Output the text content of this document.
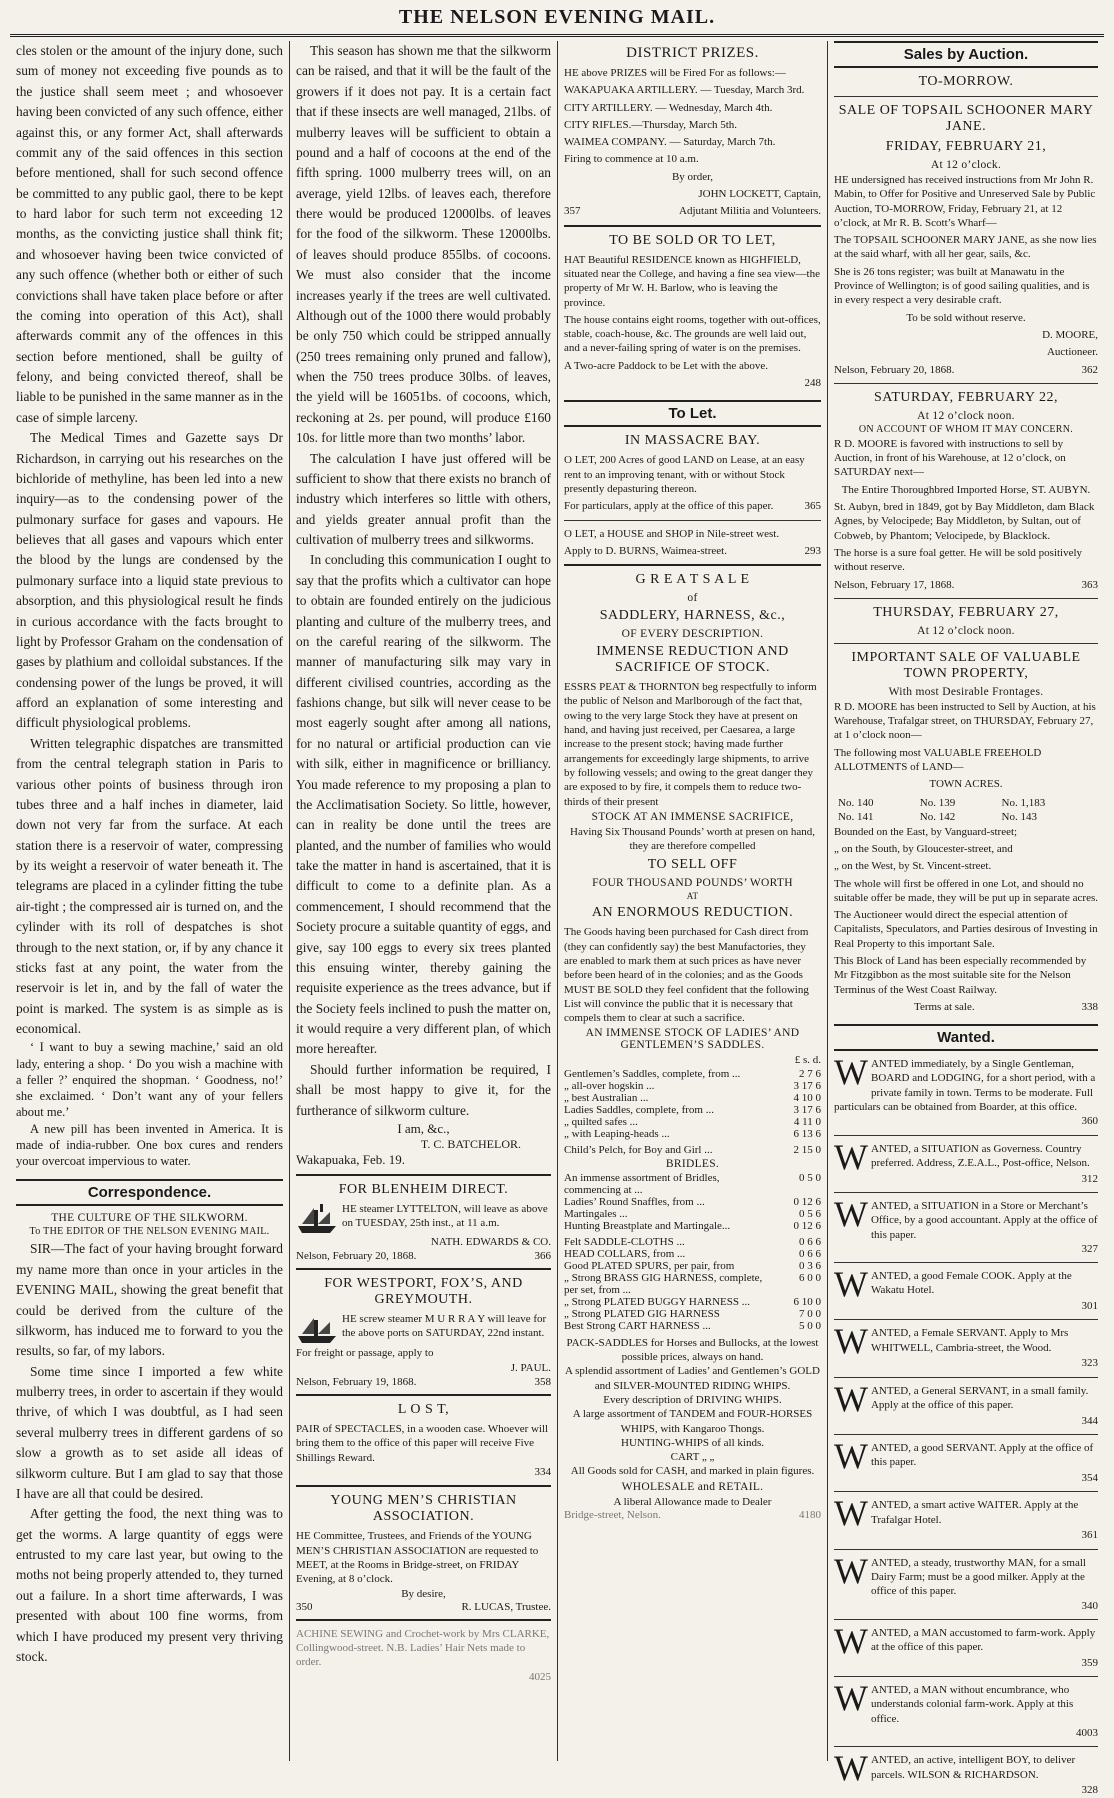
THE NELSON EVENING MAIL.

cles stolen or the amount of the injury done, such sum of money not exceeding five pounds as to the justice shall seem meet ; and whosoever having been convicted of any such offence, either against this, or any former Act, shall afterwards commit any of the said offences in this section before mentioned, shall for such second offence be committed to any public gaol, there to be kept to hard labor for such term not exceeding 12 months, as the convicting justice shall think fit; and whosoever having been twice convicted of any such offence (whether both or either of such convictions shall have taken place before or after the coming into operation of this Act), shall afterwards commit any of the offences in this section before mentioned, shall be guilty of felony, and being convicted thereof, shall be liable to be punished in the same manner as in the case of simple larceny.

The Medical Times and Gazette says Dr Richardson, in carrying out his researches on the bichloride of methyline, has been led into a new inquiry—as to the condensing power of the pulmonary surface for gases and vapours. He believes that all gases and vapours which enter the blood by the lungs are condensed by the pulmonary surface into a liquid state previous to absorption, and this physiological result he finds in curious accordance with the facts brought to light by Professor Graham on the condensation of gases by plathium and colloidal substances. If the condensing power of the lungs be proved, it will afford an explanation of some interesting and difficult physiological problems.

Written telegraphic dispatches are transmitted from the central telegraph station in Paris to various other points of business through iron tubes three and a half inches in diameter, laid down not very far from the surface. At each station there is a reservoir of water, compressing by its weight a reservoir of water beneath it. The telegrams are placed in a cylinder fitting the tube air-tight ; the compressed air is turned on, and the cylinder with its roll of despatches is shot through to the next station, or, if by any chance it sticks fast at any point, the water from the reservoir is let in, and by the fall of water the point is marked. The system is as simple as is economical.

‘ I want to buy a sewing machine,’ said an old lady, entering a shop. ‘ Do you wish a machine with a feller ?’ enquired the shopman. ‘ Goodness, no!’ she exclaimed. ‘ Don’t want any of your fellers about me.’

A new pill has been invented in America. It is made of india-rubber. One box cures and renders your overcoat impervious to water.

Correspondence.
THE CULTURE OF THE SILKWORM.
To THE EDITOR OF THE NELSON EVENING MAIL.

SIR—The fact of your having brought forward my name more than once in your articles in the EVENING MAIL, showing the great benefit that could be derived from the culture of the silkworm, has induced me to forward to you the results, so far, of my labors.

Some time since I imported a few white mulberry trees, in order to ascertain if they would thrive, of which I was doubtful, as I had seen several mulberry trees in different gardens of so slow a growth as to set aside all ideas of silkworm culture. But I am glad to say that those I have are all that could be desired.

After getting the food, the next thing was to get the worms. A large quantity of eggs were entrusted to my care last year, but owing to the moths not being properly attended to, they turned out a failure. In a short time afterwards, I was presented with about 100 fine worms, from which I have produced my present very thriving stock.

This season has shown me that the silkworm can be raised, and that it will be the fault of the growers if it does not pay. It is a certain fact that if these insects are well managed, 21lbs. of mulberry leaves will be sufficient to obtain a pound and a half of cocoons at the end of the fifth spring. 1000 mulberry trees will, on an average, yield 12lbs. of leaves each, therefore there would be produced 12000lbs. of leaves for the food of the silkworm. These 12000lbs. of leaves should produce 855lbs. of cocoons. We must also consider that the income increases yearly if the trees are well cultivated. Although out of the 1000 there would probably be only 750 which could be stripped annually (250 trees remaining only pruned and fallow), when the 750 trees produce 30lbs. of leaves, the yield will be 16051bs. of cocoons, which, reckoning at 2s. per pound, will produce £160 10s. for little more than two months’ labor.

The calculation I have just offered will be sufficient to show that there exists no branch of industry which interferes so little with others, and yields greater annual profit than the cultivation of mulberry trees and silkworms.

In concluding this communication I ought to say that the profits which a cultivator can hope to obtain are founded entirely on the judicious planting and culture of the mulberry trees, and on the careful rearing of the silkworm. The manner of manufacturing silk may vary in different civilised countries, according as the fashions change, but silk will never cease to be most eagerly sought after among all nations, for no natural or artificial production can vie with silk, either in magnificence or brilliancy. You made reference to my proposing a plan to the Acclimatisation Society. So little, however, can in reality be done until the trees are planted, and the number of families who would take the matter in hand is ascertained, that it is difficult to come to a definite plan. As a commencement, I should recommend that the Society procure a suitable quantity of eggs, and give, say 100 eggs to every six trees planted this ensuing winter, thereby gaining the requisite experience as the trees advance, but if the Society feels inclined to push the matter on, it would require a very different plan, of which more hereafter.

Should further information be required, I shall be most happy to give it, for the furtherance of silkworm culture.

I am, &c.,
T. C. BATCHELOR.
Wakapuaka, Feb. 19.
FOR BLENHEIM DIRECT.
HE steamer LYTTELTON, will leave as above on TUESDAY, 25th inst., at 11 a.m.
NATH. EDWARDS & CO.
Nelson, February 20, 1868.	366
FOR WESTPORT, FOX’S, AND GREYMOUTH.
HE screw steamer M U R R A Y will leave for the above ports on SATURDAY, 22nd instant.
For freight or passage, apply to
J. PAUL.
Nelson, February 19, 1868.	358
L O S T,
PAIR of SPECTACLES, in a wooden case. Whoever will bring them to the office of this paper will receive Five Shillings Reward.
334
YOUNG MEN’S CHRISTIAN ASSOCIATION.
HE Committee, Trustees, and Friends of the YOUNG MEN’S CHRISTIAN ASSOCIATION are requested to MEET, at the Rooms in Bridge-street, on FRIDAY Evening, at 8 o’clock.
By desire,
350	R. LUCAS, Trustee.
ACHINE SEWING and Crochet-work by Mrs CLARKE, Collingwood-street. N.B. Ladies’ Hair Nets made to order.
4025
DISTRICT PRIZES.

HE above PRIZES will be Fired For as follows:—

WAKAPUAKA ARTILLERY. — Tuesday, March 3rd.

CITY ARTILLERY. — Wednesday, March 4th.

CITY RIFLES.—Thursday, March 5th.

WAIMEA COMPANY. — Saturday, March 7th.

Firing to commence at 10 a.m.

By order,

JOHN LOCKETT, Captain,

357	Adjutant Militia and Volunteers.
TO BE SOLD OR TO LET,

HAT Beautiful RESIDENCE known as HIGHFIELD, situated near the College, and having a fine sea view—the property of Mr W. H. Barlow, who is leaving the province.

The house contains eight rooms, together with out-offices, stable, coach-house, &c. The grounds are well laid out, and a never-failing spring of water is on the premises.

A Two-acre Paddock to be Let with the above.

248

To Let.
IN MASSACRE BAY.

O LET, 200 Acres of good LAND on Lease, at an easy rent to an improving tenant, with or without Stock presently depasturing thereon.

For particulars, apply at the office of this paper.	365

O LET, a HOUSE and SHOP in Nile-street west.

Apply to D. BURNS, Waimea-street.	293
G R E A T S A L E
of
SADDLERY, HARNESS, &c.,
OF EVERY DESCRIPTION.
IMMENSE REDUCTION AND SACRIFICE OF STOCK.
ESSRS PEAT & THORNTON beg respectfully to inform the public of Nelson and Marlborough of the fact that, owing to the very large Stock they have at present on hand, and having just received, per Caesarea, a large increase to the present stock; having made further arrangements for exceedingly large shipments, to arrive by following vessels; and owing to the great danger they are exposed to by fire, it compels them to reduce two-thirds of their present
STOCK AT AN IMMENSE SACRIFICE,
Having Six Thousand Pounds’ worth at presen on hand, they are therefore compelled
TO SELL OFF
FOUR THOUSAND POUNDS’ WORTH
AT
AN ENORMOUS REDUCTION.
The Goods having been purchased for Cash direct from (they can confidently say) the best Manufactories, they are enabled to mark them at such prices as have never before been heard of in the colonies; and as the Goods MUST BE SOLD they feel confident that the following List will convince the public that it is necessary that compels them to clear at such a sacrifice.
AN IMMENSE STOCK OF LADIES’ AND GENTLEMEN’S SADDLES.
£ s. d.
Gentlemen’s Saddles, complete, from ...	2 7 6
„ all-over hogskin ...	3 17 6
„ best Australian ...	4 10 0
Ladies Saddles, complete, from ...	3 17 6
„ quilted safes ...	4 11 0
„ with Leaping-heads ...	6 13 6
Child’s Pelch, for Boy and Girl ...	2 15 0
BRIDLES.
An immense assortment of Bridles, commencing at ...	0 5 0
Ladies’ Round Snaffles, from ...	0 12 6
Martingales ...	0 5 6
Hunting Breastplate and Martingale...	0 12 6
Felt SADDLE-CLOTHS ...	0 6 6
HEAD COLLARS, from ...	0 6 6
Good PLATED SPURS, per pair, from	0 3 6
„ Strong BRASS GIG HARNESS, complete, per set, from ...	6 0 0
„ Strong PLATED BUGGY HARNESS ...	6 10 0
„ Strong PLATED GIG HARNESS	7 0 0
Best Strong CART HARNESS ...	5 0 0
PACK-SADDLES for Horses and Bullocks, at the lowest possible prices, always on hand.
A splendid assortment of Ladies’ and Gentlemen’s GOLD and SILVER-MOUNTED RIDING WHIPS.
Every description of DRIVING WHIPS.
A large assortment of TANDEM and FOUR-HORSES WHIPS, with Kangaroo Thongs.
HUNTING-WHIPS of all kinds.
CART „ „
All Goods sold for CASH, and marked in plain figures.
WHOLESALE and RETAIL.
A liberal Allowance made to Dealer
Bridge-street, Nelson.	4180
Sales by Auction.
TO-MORROW.
SALE OF TOPSAIL SCHOONER MARY JANE.
FRIDAY, FEBRUARY 21,
At 12 o’clock.

HE undersigned has received instructions from Mr John R. Mabin, to Offer for Positive and Unreserved Sale by Public Auction, TO-MORROW, Friday, February 21, at 12 o’clock, at Mr R. B. Scott’s Wharf—

The TOPSAIL SCHOONER MARY JANE, as she now lies at the said wharf, with all her gear, sails, &c.

She is 26 tons register; was built at Manawatu in the Province of Wellington; is of good sailing qualities, and is in every respect a very desirable craft.

To be sold without reserve.

D. MOORE,

Auctioneer.

Nelson, February 20, 1868.	362
SATURDAY, FEBRUARY 22,
At 12 o’clock noon.
ON ACCOUNT OF WHOM IT MAY CONCERN.

R D. MOORE is favored with instructions to sell by Auction, in front of his Warehouse, at 12 o’clock, on SATURDAY next—

The Entire Thoroughbred Imported Horse, ST. AUBYN.

St. Aubyn, bred in 1849, got by Bay Middleton, dam Black Agnes, by Velocipede; Bay Middleton, by Sultan, out of Cobweb, by Phantom; Velocipede, by Blacklock.

The horse is a sure foal getter. He will be sold positively without reserve.

Nelson, February 17, 1868.	363
THURSDAY, FEBRUARY 27,
At 12 o’clock noon.
IMPORTANT SALE OF VALUABLE TOWN PROPERTY,
With most Desirable Frontages.

R D. MOORE has been instructed to Sell by Auction, at his Warehouse, Trafalgar street, on THURSDAY, February 27, at 1 o’clock noon—

The following most VALUABLE FREEHOLD ALLOTMENTS of LAND—

TOWN ACRES.

No. 140	No. 139	No. 1,183
No. 141	No. 142	No. 143

Bounded on the East, by Vanguard-street;

„ on the South, by Gloucester-street, and

„ on the West, by St. Vincent-street.

The whole will first be offered in one Lot, and should no suitable offer be made, they will be put up in separate acres.

The Auctioneer would direct the especial attention of Capitalists, Speculators, and Parties desirous of Investing in Real Property to this important Sale.

This Block of Land has been especially recommended by Mr Fitzgibbon as the most suitable site for the Nelson Terminus of the West Coast Railway.

Terms at sale.	338
Wanted.
WANTED immediately, by a Single Gentleman, BOARD and LODGING, for a short period, with a private family in town. Terms to be moderate. Full particulars can be obtained from Boarder, at this office.
360
WANTED, a SITUATION as Governess. Country preferred. Address, Z.E.A.L., Post-office, Nelson.
312
WANTED, a SITUATION in a Store or Merchant’s Office, by a good accountant. Apply at the office of this paper.
327
WANTED, a good Female COOK. Apply at the Wakatu Hotel.
301
WANTED, a Female SERVANT. Apply to Mrs WHITWELL, Cambria-street, the Wood.
323
WANTED, a General SERVANT, in a small family. Apply at the office of this paper.
344
WANTED, a good SERVANT. Apply at the office of this paper.
354
WANTED, a smart active WAITER. Apply at the Trafalgar Hotel.
361
WANTED, a steady, trustworthy MAN, for a small Dairy Farm; must be a good milker. Apply at the office of this paper.
340
WANTED, a MAN accustomed to farm-work. Apply at the office of this paper.
359
WANTED, a MAN without encumbrance, who understands colonial farm-work. Apply at this office.
4003
WANTED, an active, intelligent BOY, to deliver parcels. WILSON & RICHARDSON.
328
